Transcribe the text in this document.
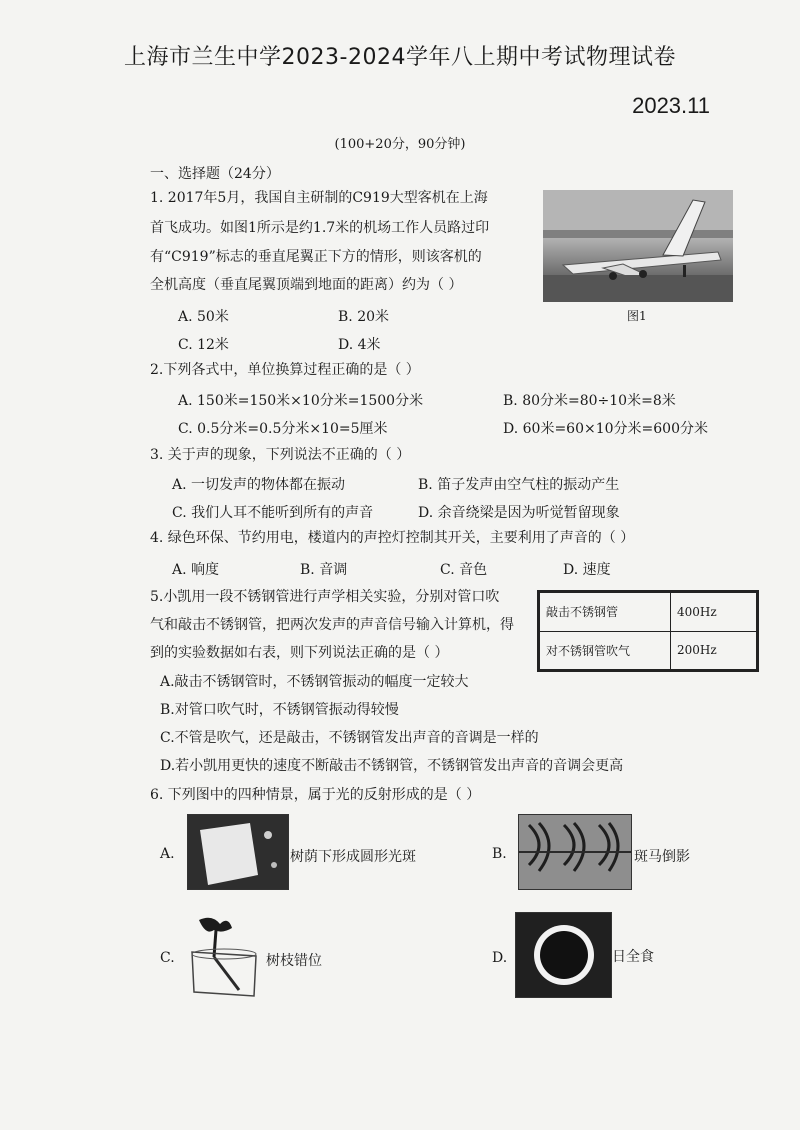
上海市兰生中学2023-2024学年八上期中考试物理试卷
2023.11
(100+20分，90分钟)
一、选择题（24分）
1. 2017年5月，我国自主研制的C919大型客机在上海
首飞成功。如图1所示是约1.7米的机场工作人员路过印
有“C919”标志的垂直尾翼正下方的情形，则该客机的
全机高度（垂直尾翼顶端到地面的距离）约为（ ）
A. 50米	B. 20米
C. 12米	D. 4米
图1
2.下列各式中，单位换算过程正确的是（ ）
A. 150米=150米×10分米=1500分米	B. 80分米=80÷10米=8米
C. 0.5分米=0.5分米×10=5厘米	D. 60米=60×10分米=600分米
3. 关于声的现象，下列说法不正确的（ ）
A. 一切发声的物体都在振动	B. 笛子发声由空气柱的振动产生
C. 我们人耳不能听到所有的声音	D. 余音绕梁是因为听觉暂留现象
4. 绿色环保、节约用电，楼道内的声控灯控制其开关，主要利用了声音的（ ）
A. 响度	B. 音调	C. 音色	D. 速度
5.小凯用一段不锈钢管进行声学相关实验，分别对管口吹
气和敲击不锈钢管，把两次发声的声音信号输入计算机，得
到的实验数据如右表，则下列说法正确的是（ ）
敲击不锈钢管	400Hz
对不锈钢管吹气	200Hz
A.敲击不锈钢管时，不锈钢管振动的幅度一定较大
B.对管口吹气时，不锈钢管振动得较慢
C.不管是吹气，还是敲击，不锈钢管发出声音的音调是一样的
D.若小凯用更快的速度不断敲击不锈钢管，不锈钢管发出声音的音调会更高
6. 下列图中的四种情景，属于光的反射形成的是（ ）
A.	树荫下形成圆形光斑	B.	斑马倒影
C.	树枝错位	D.	日全食
